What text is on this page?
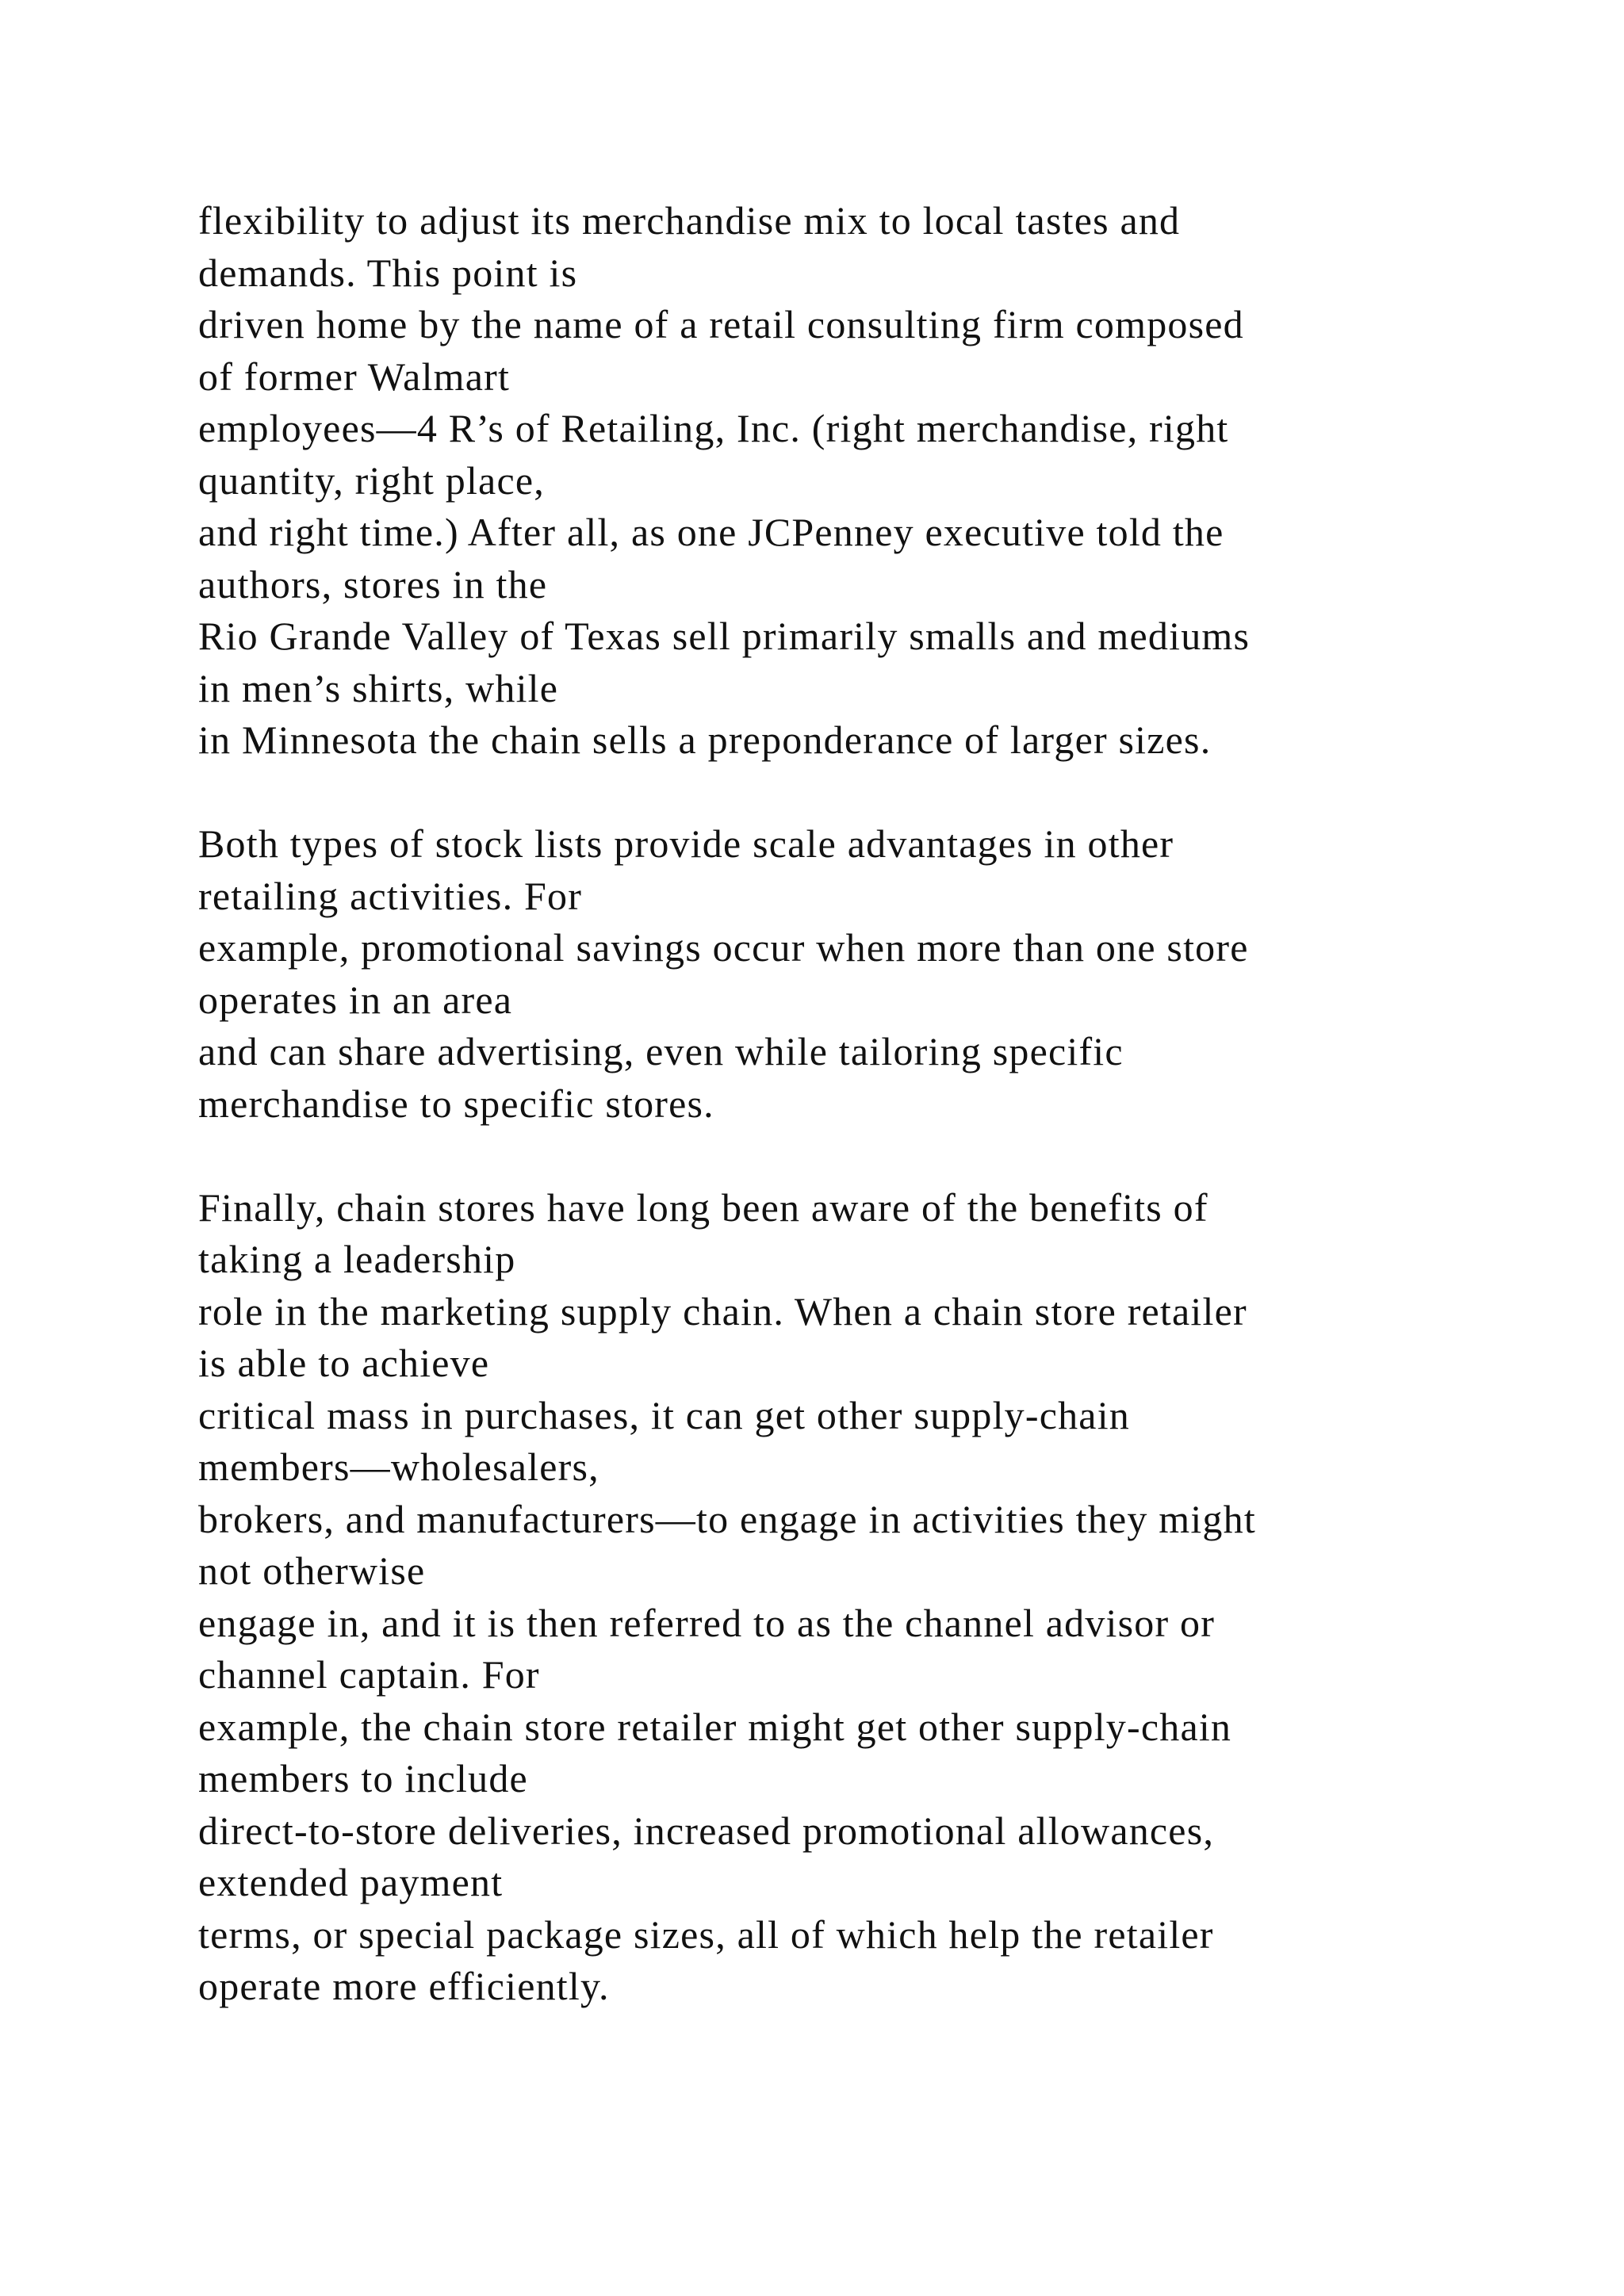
flexibility to adjust its merchandise mix to local tastes and
demands. This point is
driven home by the name of a retail consulting firm composed
of former Walmart
employees—4 R’s of Retailing, Inc. (right merchandise, right
quantity, right place,
and right time.) After all, as one JCPenney executive told the
authors, stores in the
Rio Grande Valley of Texas sell primarily smalls and mediums
in men’s shirts, while
in Minnesota the chain sells a preponderance of larger sizes.
Both types of stock lists provide scale advantages in other
retailing activities. For
example, promotional savings occur when more than one store
operates in an area
and can share advertising, even while tailoring specific
merchandise to specific stores.
Finally, chain stores have long been aware of the benefits of
taking a leadership
role in the marketing supply chain. When a chain store retailer
is able to achieve
critical mass in purchases, it can get other supply-chain
members—wholesalers,
brokers, and manufacturers—to engage in activities they might
not otherwise
engage in, and it is then referred to as the channel advisor or
channel captain. For
example, the chain store retailer might get other supply-chain
members to include
direct-to-store deliveries, increased promotional allowances,
extended payment
terms, or special package sizes, all of which help the retailer
operate more efficiently.
